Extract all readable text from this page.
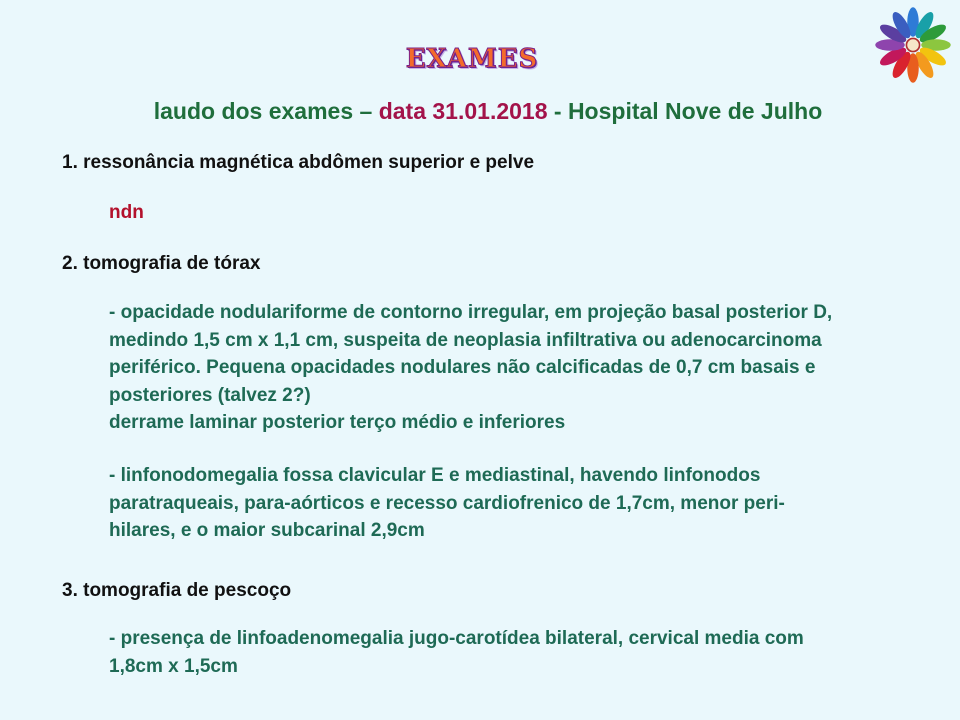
EXAMES
laudo dos exames – data 31.01.2018 - Hospital Nove de Julho
1. ressonância magnética abdômen superior e pelve

ndn

2. tomografia de tórax

- opacidade nodulariforme de contorno irregular, em projeção basal posterior D,

medindo 1,5 cm x 1,1 cm, suspeita de neoplasia infiltrativa ou adenocarcinoma

periférico. Pequena opacidades nodulares não calcificadas de 0,7 cm basais e

posteriores (talvez 2?)

derrame laminar posterior terço médio e inferiores

- linfonodomegalia fossa clavicular E e mediastinal, havendo linfonodos

paratraqueais, para-aórticos e recesso cardiofrenico de 1,7cm, menor peri-

hilares, e o maior subcarinal 2,9cm

3. tomografia de pescoço

- presença de linfoadenomegalia jugo-carotídea bilateral, cervical media com

1,8cm x 1,5cm
